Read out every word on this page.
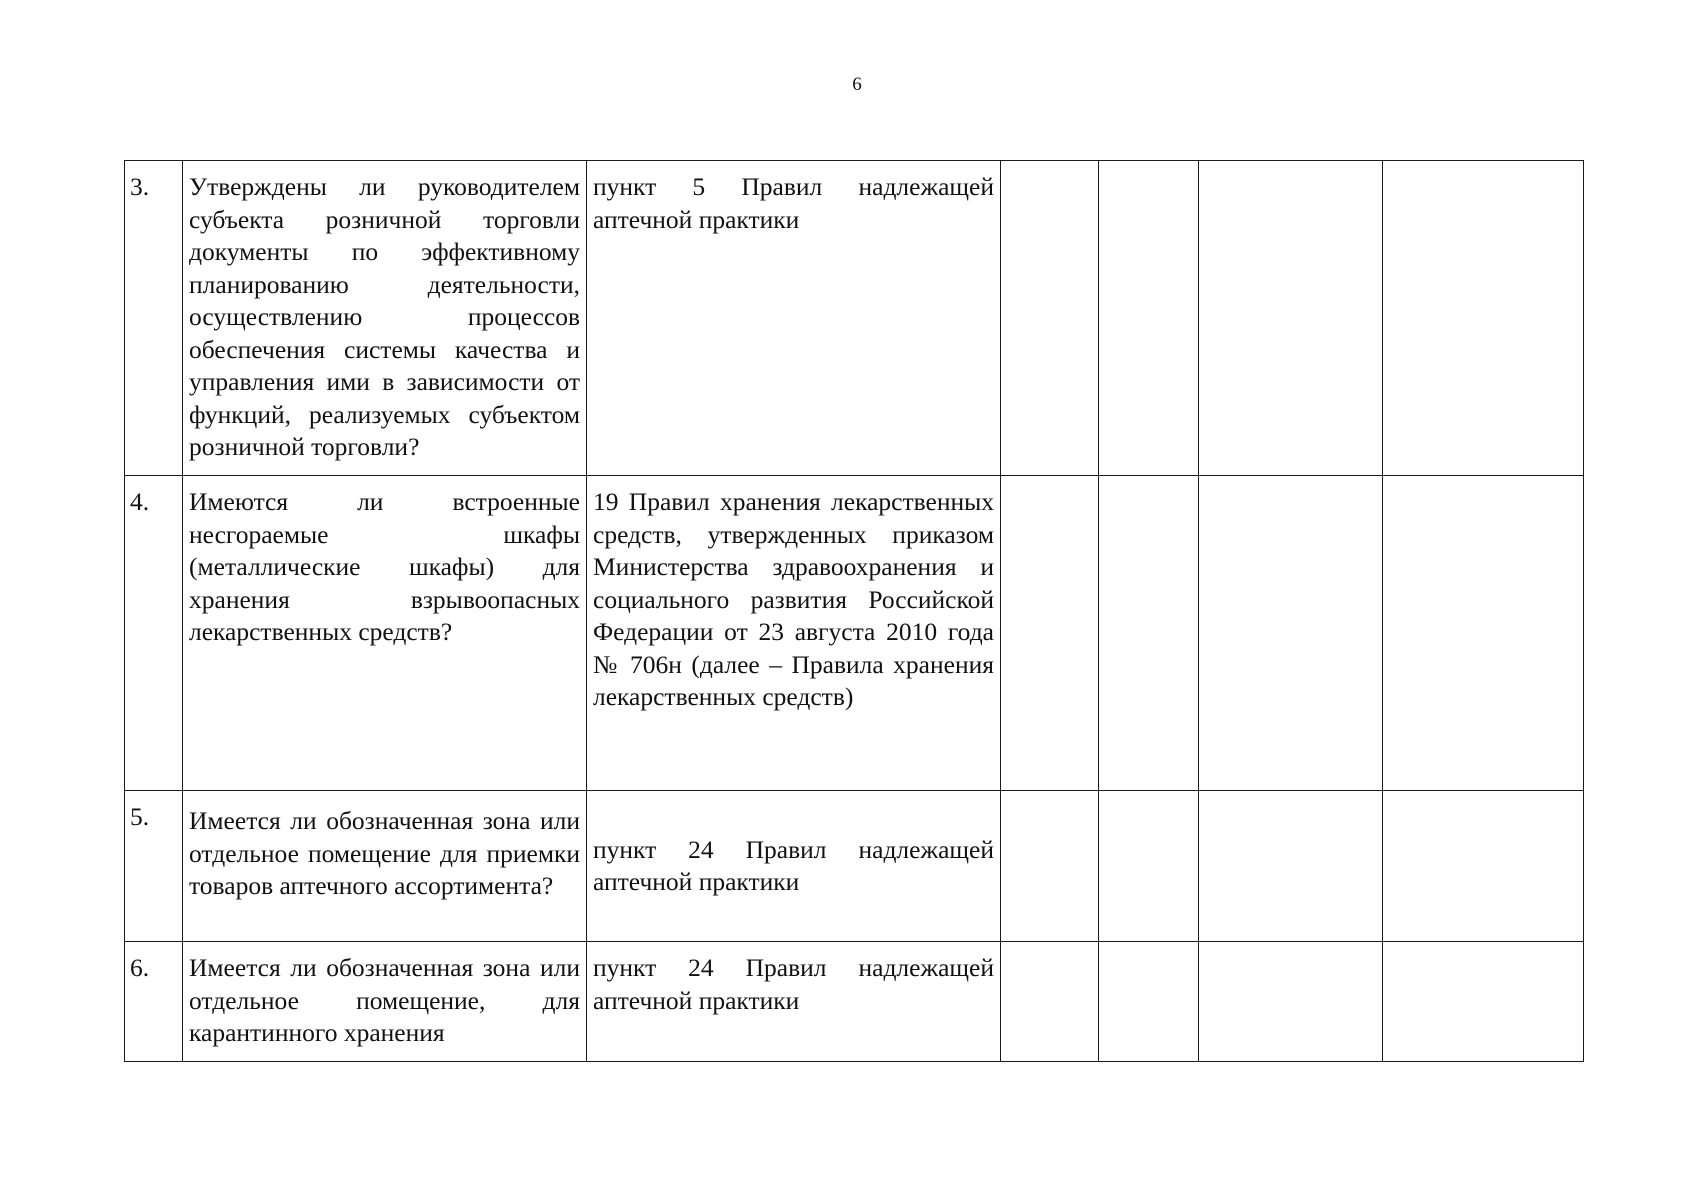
6
3.	Утверждены ли руководителем субъекта розничной торговли документы по эффективному планированию деятельности, осуществлению процессов обеспечения системы качества и управления ими в зависимости от функций, реализуемых субъектом розничной торговли?	пункт 5 Правил надлежащей аптечной практики				
4.	Имеются ли встроенные несгораемые шкафы (металлические шкафы) для хранения взрывоопасных лекарственных средств?	19 Правил хранения лекарственных средств, утвержденных приказом Министерства здравоохранения и социального развития Российской Федерации от 23 августа 2010 года № 706н (далее – Правила хранения лекарственных средств)				
5.	Имеется ли обозначенная зона или отдельное помещение для приемки товаров аптечного ассортимента?	пункт 24 Правил надлежащей аптечной практики				
6.	Имеется ли обозначенная зона или отдельное помещение, для карантинного хранения	пункт 24 Правил надлежащей аптечной практики				
